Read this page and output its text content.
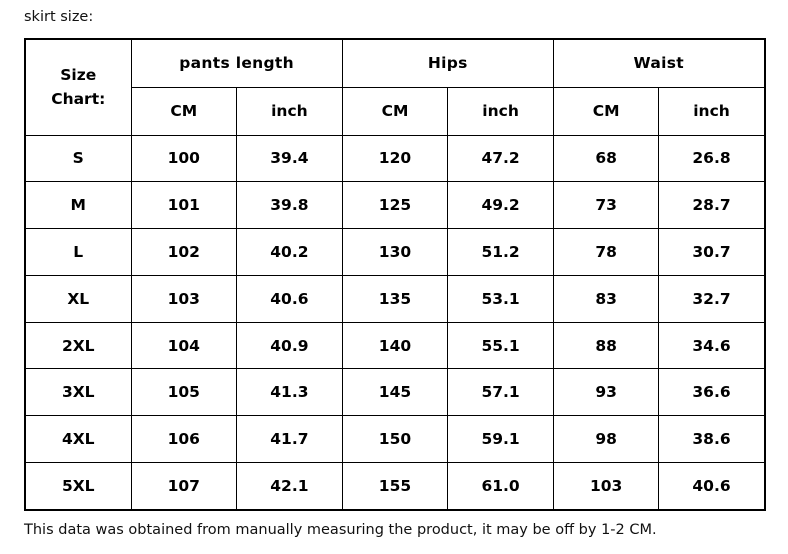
skirt size:
Size
Chart:	pants length		Hips		Waist	
	CM	inch	CM	inch	CM	inch
S	100	39.4	120	47.2	68	26.8
M	101	39.8	125	49.2	73	28.7
L	102	40.2	130	51.2	78	30.7
XL	103	40.6	135	53.1	83	32.7
2XL	104	40.9	140	55.1	88	34.6
3XL	105	41.3	145	57.1	93	36.6
4XL	106	41.7	150	59.1	98	38.6
5XL	107	42.1	155	61.0	103	40.6
This data was obtained from manually measuring the product, it may be off by 1-2 CM.
